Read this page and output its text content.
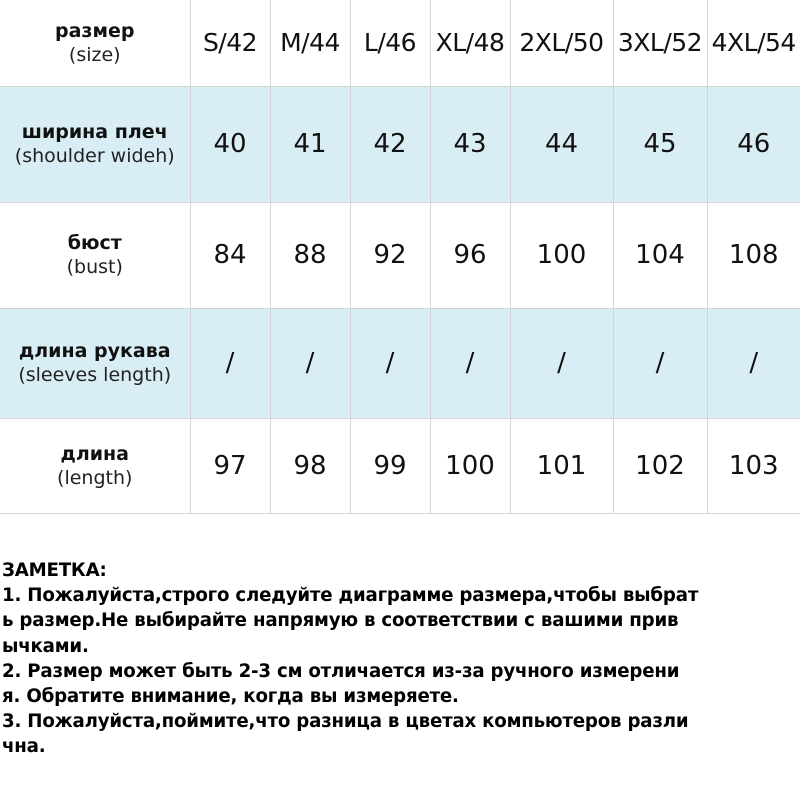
размер
(size)	S/42	M/44	L/46	XL/48	2XL/50	3XL/52	4XL/54

ширина плеч
(shoulder wideh)	40	41	42	43	44	45	46

бюст
(bust)	84	88	92	96	100	104	108

длина рукава
(sleeves length)	/	/	/	/	/	/	/

длина
(length)	97	98	99	100	101	102	103
ЗАМЕТКА:
1. Пожалуйста,строго следуйте диаграмме размера,чтобы выбрат
ь размер.Не выбирайте напрямую в соответствии с вашими прив
ычками.
2. Размер может быть 2-3 см отличается из-за ручного измерени
я. Обратите внимание, когда вы измеряете.
3. Пожалуйста,поймите,что разница в цветах компьютеров разли
чна.
